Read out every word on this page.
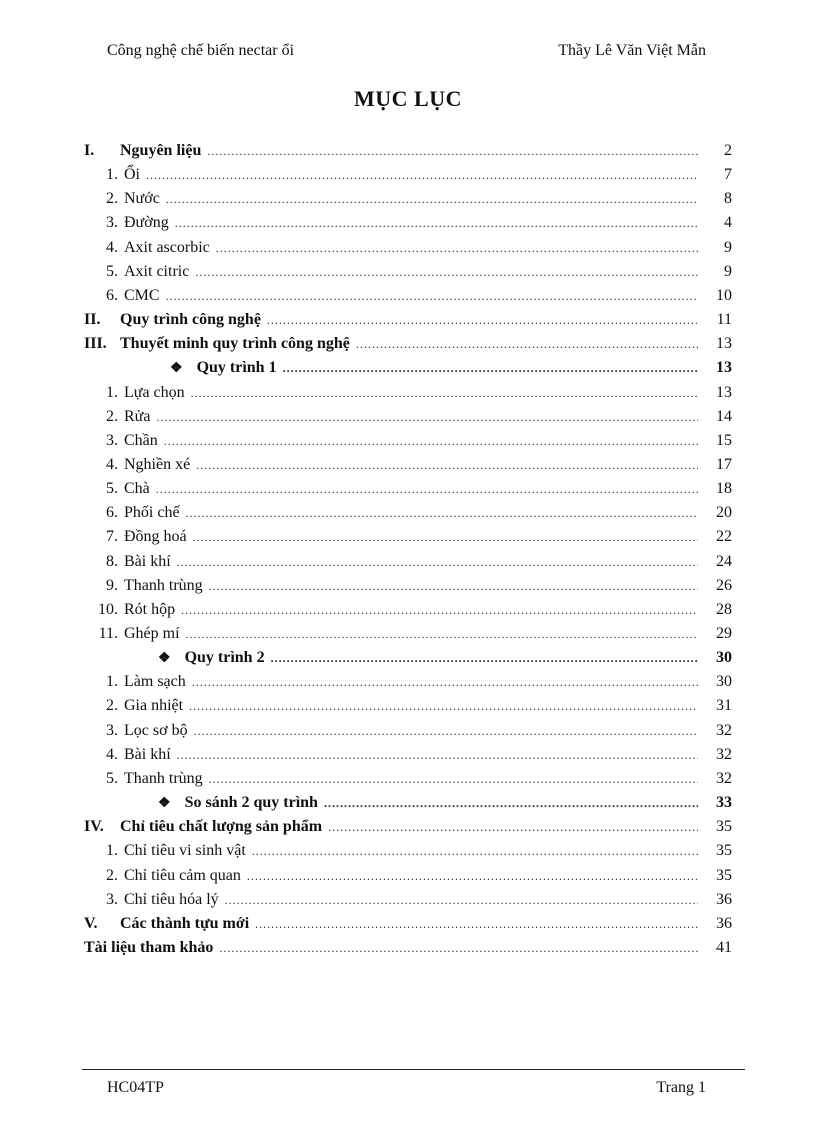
Công nghệ chế biến nectar ổi	Thầy Lê Văn Việt Mẫn
MỤC LỤC
I.	Nguyên liệu .....	2
1. Ổi .....	7
2. Nước .....	8
3. Đường .....	4
4. Axit ascorbic .....	9
5. Axit citric .....	9
6. CMC .....	10
II.	Quy trình công nghệ .....	11
III. Thuyết minh quy trình công nghệ .....	13
❖ Quy trình 1 .....	13
1. Lựa chọn .....	13
2. Rửa .....	14
3. Chần .....	15
4. Nghiền xé .....	17
5. Chà .....	18
6. Phối chế .....	20
7. Đồng hoá .....	22
8. Bài khí .....	24
9. Thanh trùng .....	26
10. Rót hộp .....	28
11. Ghép mí .....	29
❖ Quy trình 2 .....	30
1. Làm sạch .....	30
2. Gia nhiệt .....	31
3. Lọc sơ bộ .....	32
4. Bài khí .....	32
5. Thanh trùng .....	32
❖ So sánh 2 quy trình .....	33
IV.	Chỉ tiêu chất lượng sản phẩm .....	35
1. Chỉ tiêu vi sinh vật .....	35
2. Chỉ tiêu cảm quan .....	35
3. Chỉ tiêu hóa lý .....	36
V.	Các thành tựu mới .....	36
Tài liệu tham khảo .....	41
HC04TP	Trang 1
